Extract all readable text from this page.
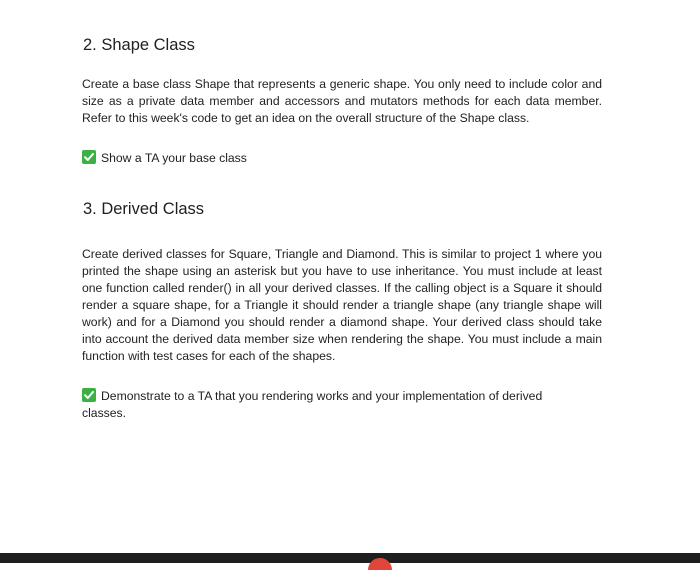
2. Shape Class

Create a base class Shape that represents a generic shape. You only need to include color and size as a private data member and accessors and mutators methods for each data member. Refer to this week's code to get an idea on the overall structure of the Shape class.

Show a TA your base class

3. Derived Class

Create derived classes for Square, Triangle and Diamond. This is similar to project 1 where you printed the shape using an asterisk but you have to use inheritance. You must include at least one function called render() in all your derived classes. If the calling object is a Square it should render a square shape, for a Triangle it should render a triangle shape (any triangle shape will work) and for a Diamond you should render a diamond shape. Your derived class should take into account the derived data member size when rendering the shape. You must include a main function with test cases for each of the shapes.

Demonstrate to a TA that you rendering works and your implementation of derived classes.
